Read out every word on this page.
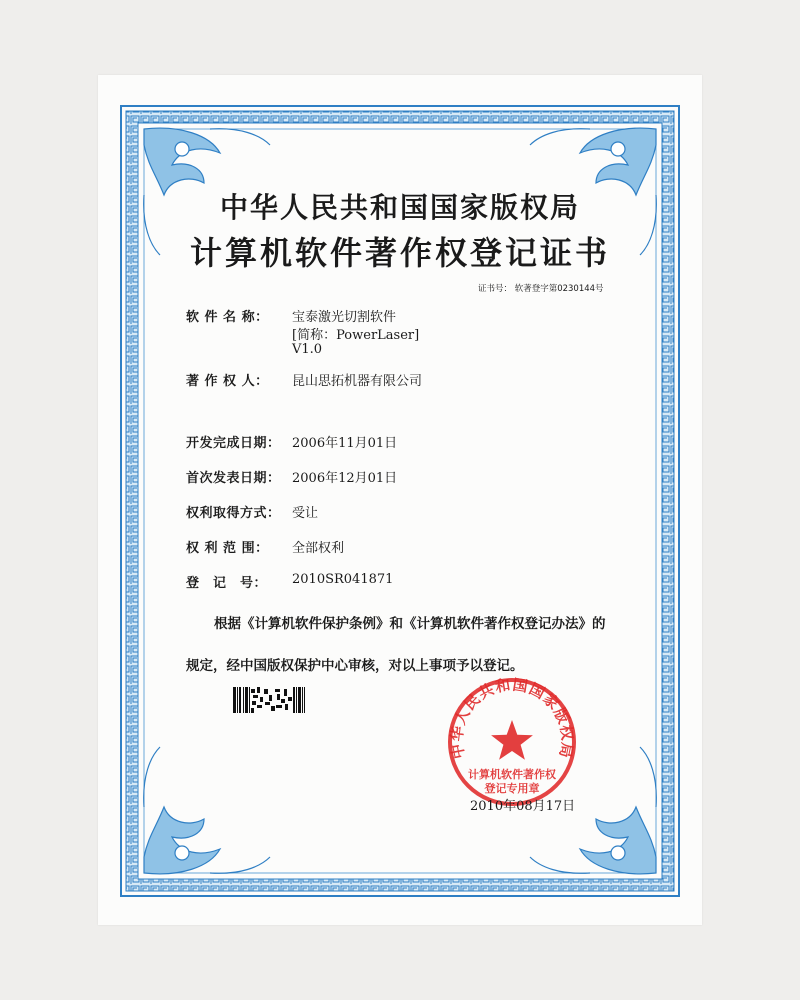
中华人民共和国国家版权局
计算机软件著作权登记证书
证书号： 软著登字第0230144号
软 件 名 称： 宝泰激光切割软件
[简称：PowerLaser]
V1.0
著 作 权 人： 昆山思拓机器有限公司
开发完成日期： 2006年11月01日
首次发表日期： 2006年12月01日
权利取得方式： 受让
权 利 范 围： 全部权利
登　记　号： 2010SR041871
根据《计算机软件保护条例》和《计算机软件著作权登记办法》的
规定，经中国版权保护中心审核，对以上事项予以登记。
中华人民共和国国家版权局
计算机软件著作权
登记专用章
2010年08月17日
